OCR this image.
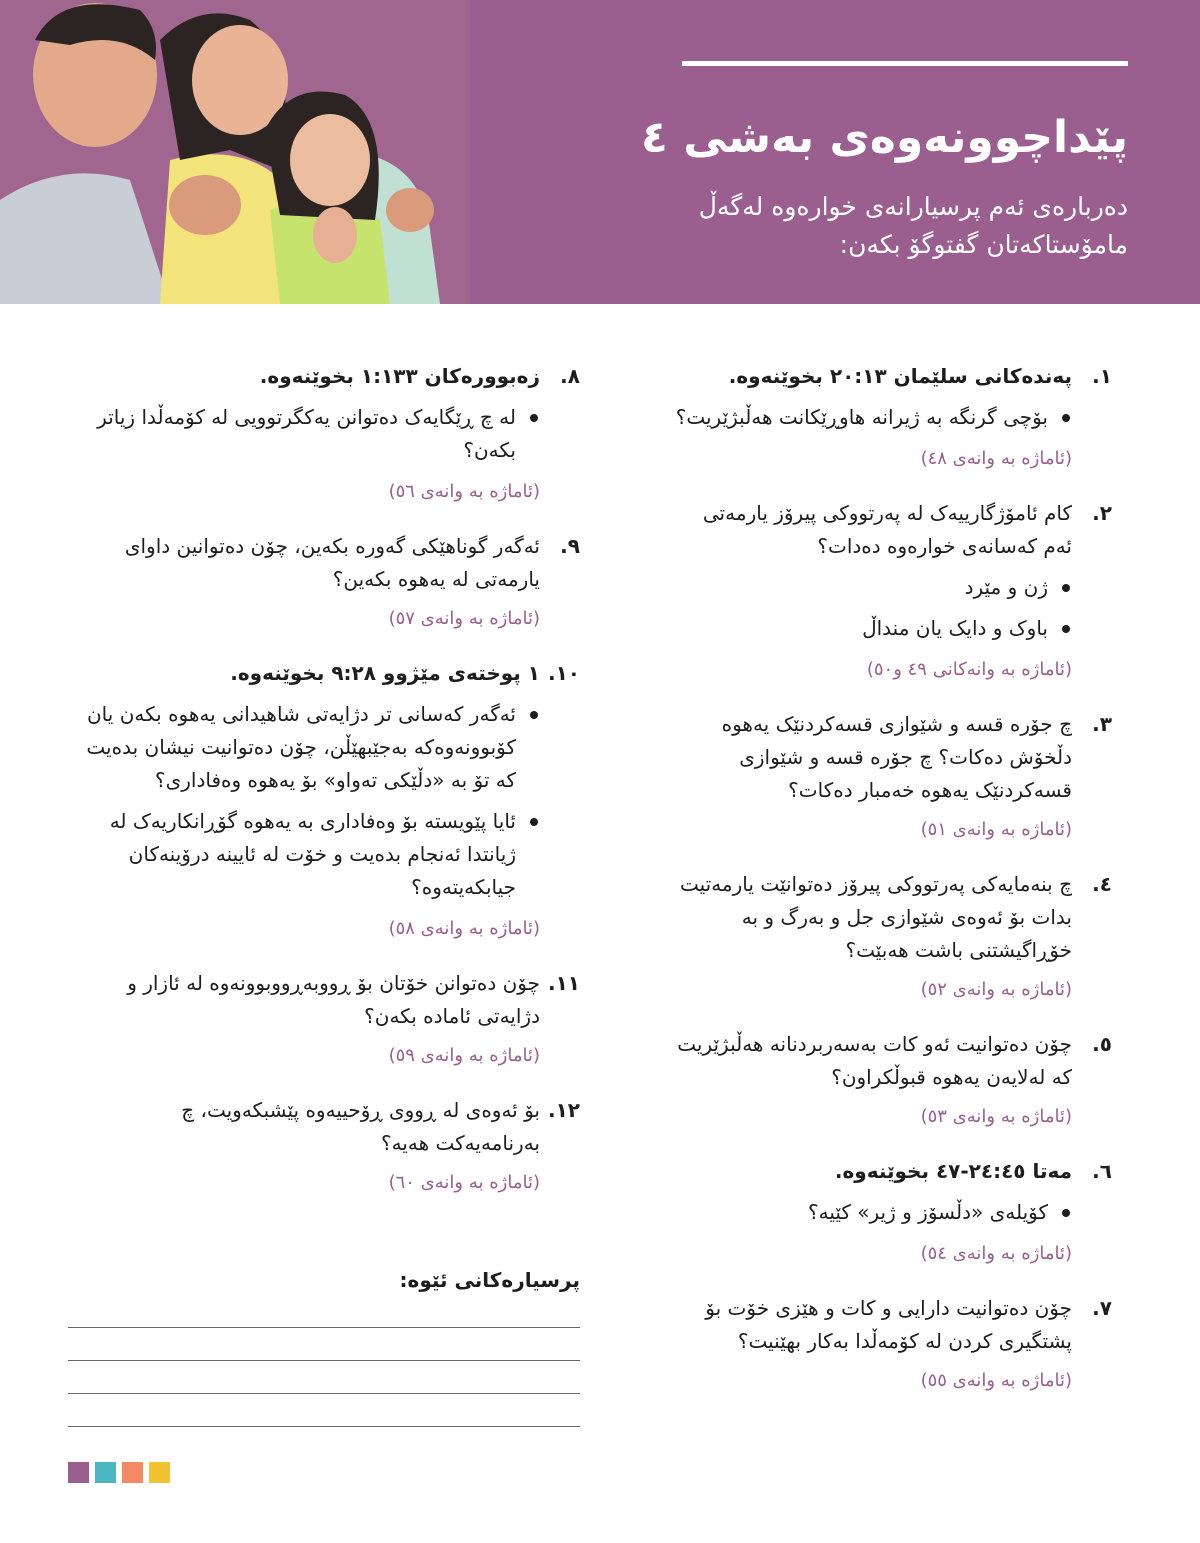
پێداچوونەوەی بەشی ٤
دەربارەی ئەم پرسیارانەی خوارەوە لەگەڵ مامۆستاکەتان گفتوگۆ بکەن:
١.
پەندەکانی سلێمان ٢٠:١٣ بخوێنەوە.
بۆچی گرنگە بە ژیرانە هاوڕێکانت هەڵبژێریت؟
(ئاماژە بە وانەی ٤٨)
٢.
کام ئامۆژگارییەک لە پەرتووکی پیرۆز یارمەتی ئەم کەسانەی خوارەوە دەدات؟
ژن و مێرد
باوک و دایک یان منداڵ
(ئاماژە بە وانەکانی ٤٩ و٥٠)
٣.
چ جۆرە قسە و شێوازی قسەکردنێک یەهوە دڵخۆش دەکات؟ چ جۆرە قسە و شێوازی قسەکردنێک یەهوە خەمبار دەکات؟
(ئاماژە بە وانەی ٥١)
٤.
چ بنەمایەکی پەرتووکی پیرۆز دەتوانێت یارمەتیت بدات بۆ ئەوەی شێوازی جل و بەرگ و بە خۆڕاگیشتنی باشت هەبێت؟
(ئاماژە بە وانەی ٥٢)
٥.
چۆن دەتوانیت ئەو کات بەسەربردنانە هەڵبژێریت کە لەلایەن یەهوە قبوڵکراون؟
(ئاماژە بە وانەی ٥٣)
٦.
مەتا ٢٤:٤٥-٤٧ بخوێنەوە.
کۆیلەی «دڵسۆز و ژیر» کێیە؟
(ئاماژە بە وانەی ٥٤)
٧.
چۆن دەتوانیت دارایی و کات و هێزی خۆت بۆ پشتگیری کردن لە کۆمەڵدا بەکار بهێنیت؟
(ئاماژە بە وانەی ٥٥)
٨.
زەبوورەکان ١:١٣٣ بخوێنەوە.
لە چ ڕێگایەک دەتوانن یەکگرتوویی لە کۆمەڵدا زیاتر بکەن؟
(ئاماژە بە وانەی ٥٦)
٩.
ئەگەر گوناهێکی گەورە بکەین، چۆن دەتوانین داوای یارمەتی لە یەهوە بکەین؟
(ئاماژە بە وانەی ٥٧)
١٠.
١ پوختەی مێژوو ٩:٢٨ بخوێنەوە.
ئەگەر کەسانی تر دژایەتی شاهیدانی یەهوە بکەن یان کۆبوونەوەکە بەجێبهێڵن، چۆن دەتوانیت نیشان بدەیت کە تۆ بە «دڵێکی تەواو» بۆ یەهوە وەفاداری؟
ئایا پێویستە بۆ وەفاداری بە یەهوە گۆڕانکاریەک لە ژیانتدا ئەنجام بدەیت و خۆت لە ئایینە درۆینەکان جیابکەیتەوە؟
(ئاماژە بە وانەی ٥٨)
١١.
چۆن دەتوانن خۆتان بۆ ڕووبەڕووبوونەوە لە ئازار و دژایەتی ئامادە بکەن؟
(ئاماژە بە وانەی ٥٩)
١٢.
بۆ ئەوەی لە ڕووی ڕۆحییەوە پێشبکەویت، چ بەرنامەیەکت هەیە؟
(ئاماژە بە وانەی ٦٠)
پرسیارەکانی ئێوە:
